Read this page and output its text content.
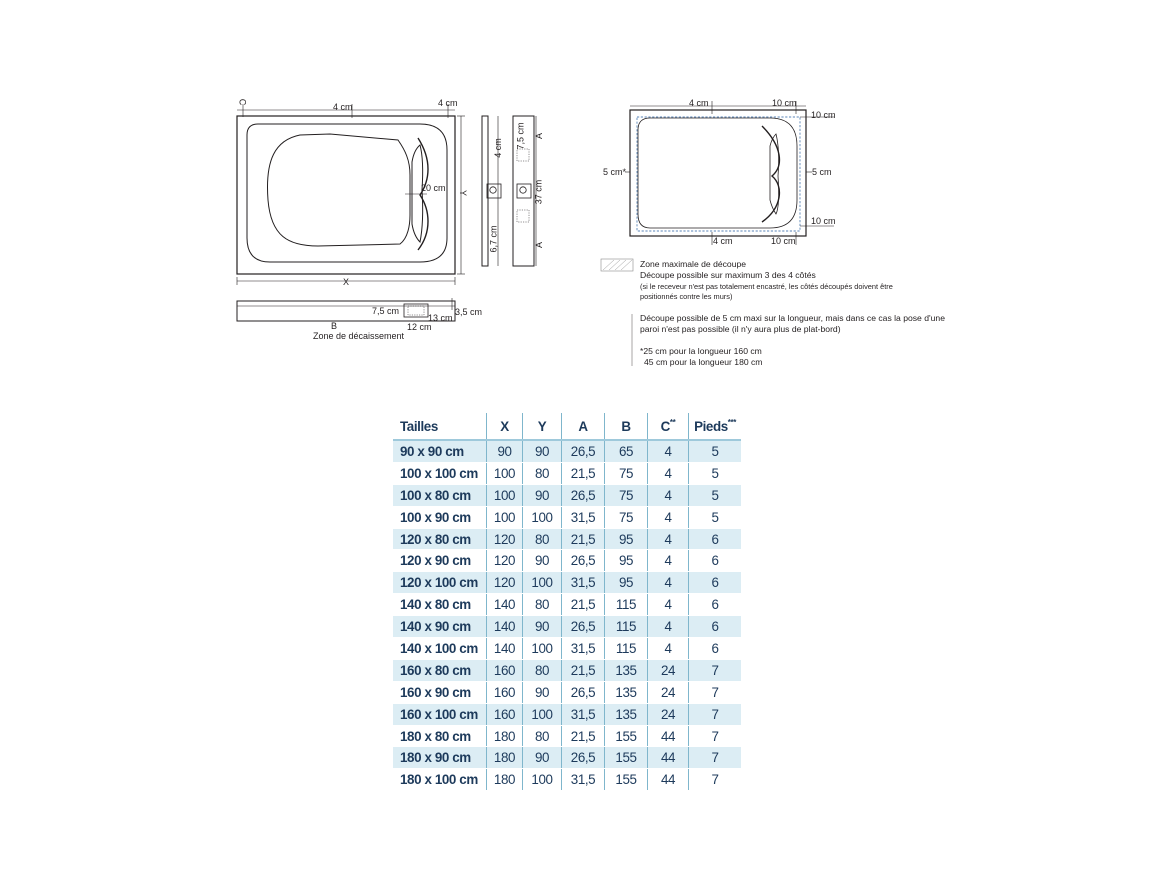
C	4 cm	4 cm
20 cm Y
X
4 cm 7,5 cm A
37 cm
6,7 cm	A
7,5 cm
13 cm
3,5 cm
B	12 cm
Zone de décaissement
4 cm	10 cm
10 cm
5 cm*	5 cm
10 cm
4 cm	10 cm
Zone maximale de découpe
Découpe possible sur maximum 3 des 4 côtés
(si le receveur n'est pas totalement encastré, les côtés découpés doivent être
positionnés contre les murs)
Découpe possible de 5 cm maxi sur la longueur, mais dans ce cas la pose d'une
paroi n'est pas possible (il n'y aura plus de plat-bord)
*25 cm pour la longueur 160 cm
45 cm pour la longueur 180 cm
Tailles	X	Y	A	B	C**	Pieds***
90 x 90 cm	90	90	26,5	65	4	5
100 x 100 cm	100	80	21,5	75	4	5
100 x 80 cm	100	90	26,5	75	4	5
100 x 90 cm	100	100	31,5	75	4	5
120 x 80 cm	120	80	21,5	95	4	6
120 x 90 cm	120	90	26,5	95	4	6
120 x 100 cm	120	100	31,5	95	4	6
140 x 80 cm	140	80	21,5	115	4	6
140 x 90 cm	140	90	26,5	115	4	6
140 x 100 cm	140	100	31,5	115	4	6
160 x 80 cm	160	80	21,5	135	24	7
160 x 90 cm	160	90	26,5	135	24	7
160 x 100 cm	160	100	31,5	135	24	7
180 x 80 cm	180	80	21,5	155	44	7
180 x 90 cm	180	90	26,5	155	44	7
180 x 100 cm	180	100	31,5	155	44	7
